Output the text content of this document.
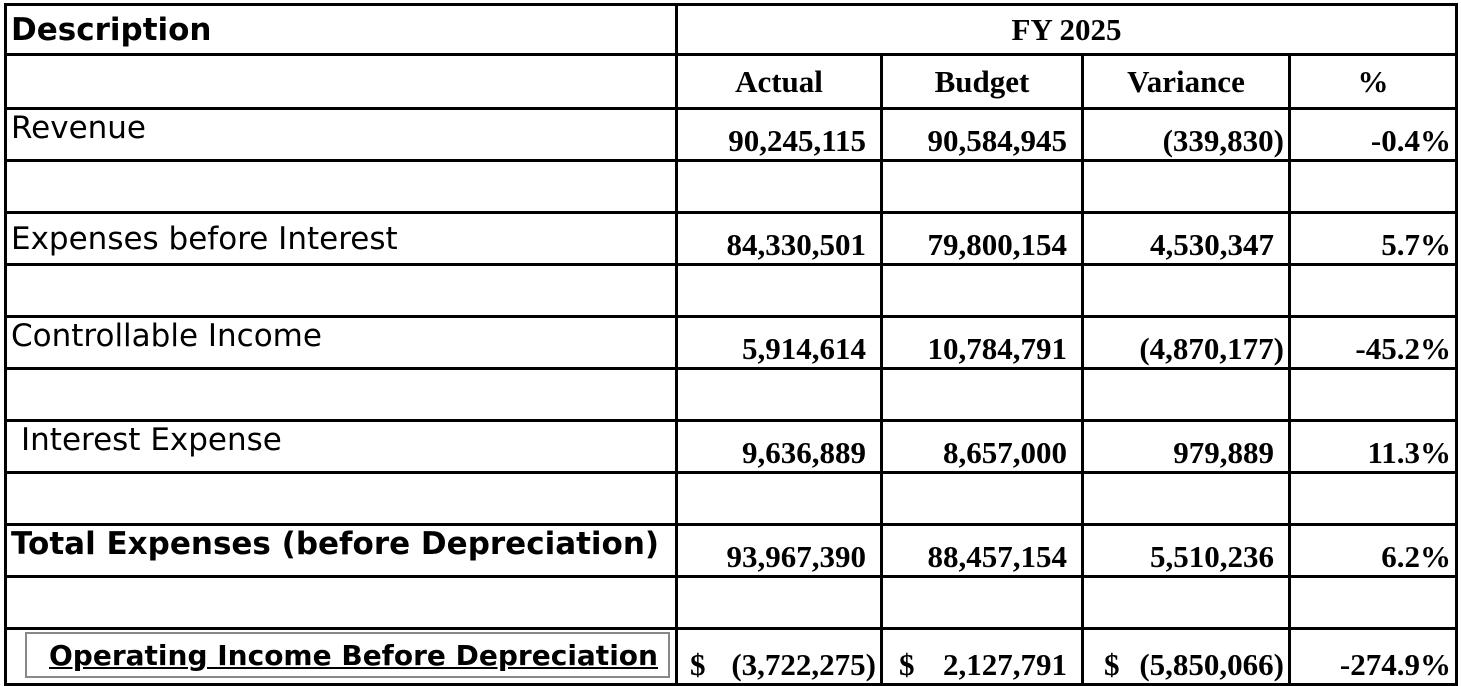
Description	FY 2025			
	Actual	Budget	Variance	%
Revenue	90,245,115	90,584,945	(339,830)	-0.4%

Expenses before Interest	84,330,501	79,800,154	4,530,347	5.7%

Controllable Income	5,914,614	10,784,791	(4,870,177)	-45.2%

Interest Expense	9,636,889	8,657,000	979,889	11.3%

Total Expenses (before Depreciation)	93,967,390	88,457,154	5,510,236	6.2%

Operating Income Before Depreciation	$ (3,722,275)	$ 2,127,791	$ (5,850,066)	-274.9%
